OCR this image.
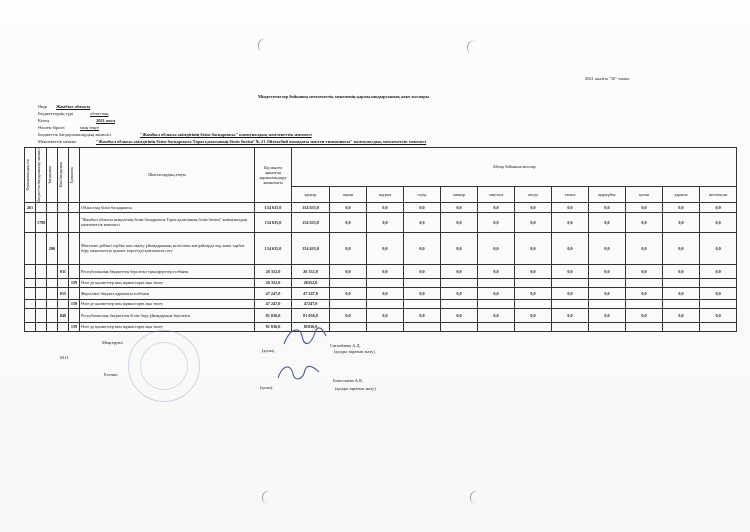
2021 жылғы "30" тамыз
Міндеттемелер бойынша мемлекеттік мекеменің қаржыландыруының жеке жоспары
Өңір Жамбыл облысы
Бюджеттердің түрі	облыстық
Кезең	2021 жыл
Өлшем бірлігі	мың теңге
Бюджеттік бағдарламалардың әкімшісі	"Жамбыл облысы әкімдігінің білім басқармасы" коммуналдық мемлекеттік мекемесі
Мемлекеттік мекеме	"Жамбыл облысы әкімдігінің білім басқармасы Тараз қаласының білім бөлімі"№ 21 Әйтекебий атындағы мектеп-гимназиясы" коммуналдық мемлекеттік мекемесі
Функционалдық топ	Бюджеттік бағдарламалар әкімшісі	Бағдарлама	Кіші бағдарлама	Ерекшелік	Шығыстардың атауы	Бір жылға арналған қаржыландыру жиынтығы	Айлар бойынша жоспар											
							қаңтар	ақпан	наурыз	сәуір	мамыр	маусым	шілде	тамыз	қыркүйек	қазан	қараша	желтоқсан
261					Облыстың білім басқармасы	154 635,0	154 635,0	0,0	0,0	0,0	0,0	0,0	0,0	0,0	0,0	0,0	0,0	0,0
	1788				"Жамбыл облысы әкімдігінің білім басқармасы Тараз қаласының білім бөлімі" коммуналдық мемлекеттік мекемесі	154 635,0	154 635,0	0,0	0,0	0,0	0,0	0,0	0,0	0,0	0,0	0,0	0,0	0,0
		200			Мектепке дейінгі тәрбие мен оқыту ұйымдарының келісілген жағдайларда оқу және тәрбие беру мемлекеттік қызмет көрсетуді қамтамасыз ету	154 635,0	154 635,0	0,0	0,0	0,0	0,0	0,0	0,0	0,0	0,0	0,0	0,0	0,0
			011		Республикалық бюджеттен берілетін трансферттер есебінен	26 352,0	26 352,0	0,0	0,0	0,0	0,0	0,0	0,0	0,0	0,0	0,0	0,0	0,0
				159	Өзге де қызметтер мен жұмыстарға ақы төлеу	26 352,0	26352,0											
			015		Жергілікті бюджет қаражаты есебінен	47 247,0	47 247,0	0,0	0,0	0,0	0,0	0,0	0,0	0,0	0,0	0,0	0,0	0,0
				159	Өзге де қызметтер мен жұмыстарға ақы төлеу	47 247,0	47247,0											
			048		Республикалық бюджеттен білім беру ұйымдарына берілетін	81 036,0	81 036,0	0,0	0,0	0,0	0,0	0,0	0,0	0,0	0,0	0,0	0,0	0,0
				159	Өзге де қызметтер мен жұмыстарға ақы төлеу	81 036,0	81036,0											
Меңгеруші
М.О.
Есепші
(қолы)
Сатпабаева А.Д.
(қолды таратып жазу)
(қолы)
Бекеспаева А.К.
(қолды таратып жазу)
